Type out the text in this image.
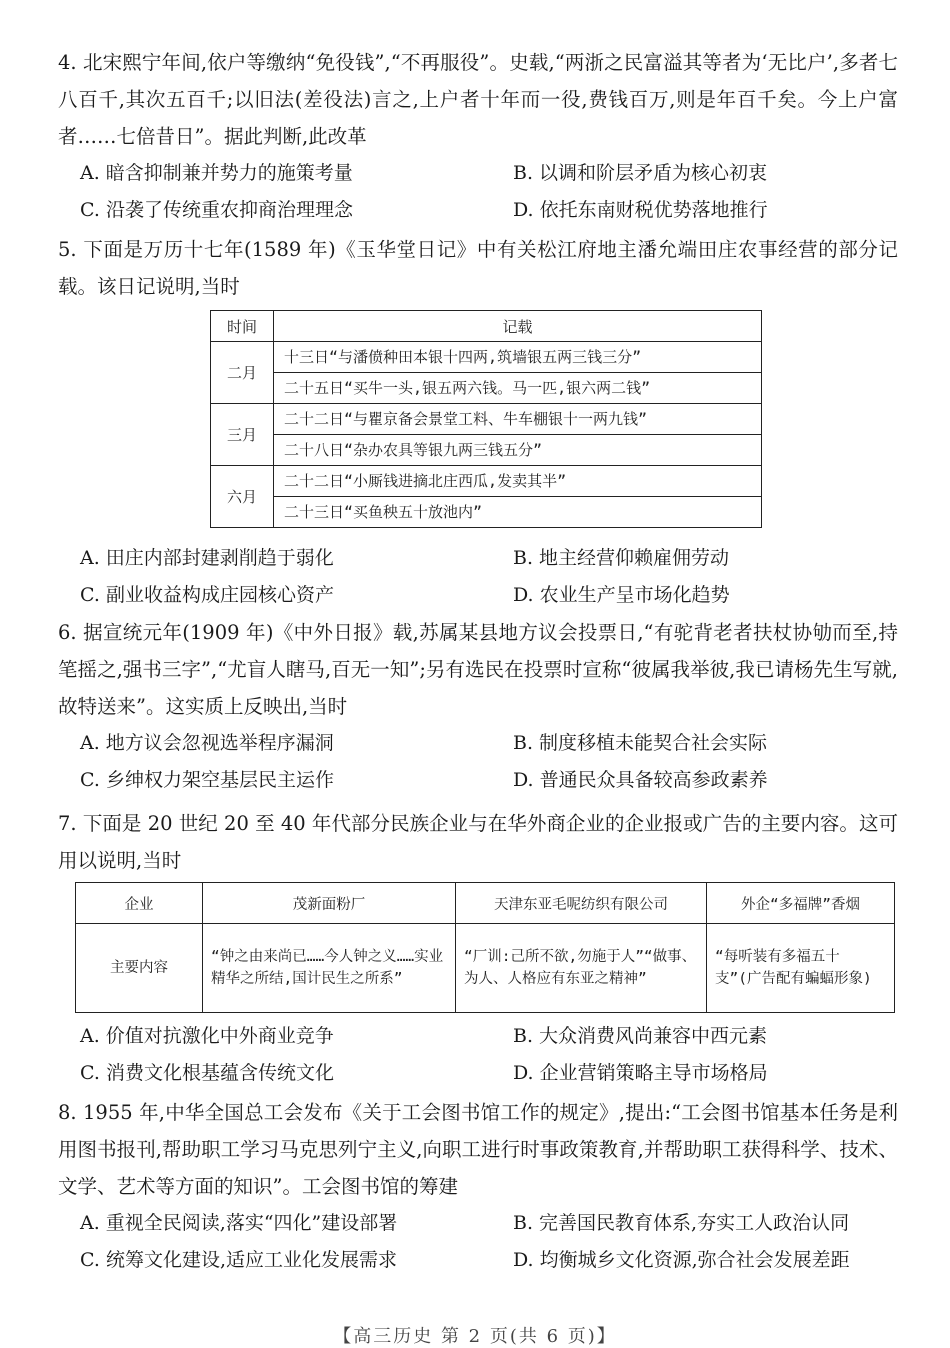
4. 北宋熙宁年间,依户等缴纳“免役钱”,“不再服役”。史载,“两浙之民富溢其等者为‘无比户’,多者七八百千,其次五百千;以旧法(差役法)言之,上户者十年而一役,费钱百万,则是年百千矣。今上户富者……七倍昔日”。据此判断,此改革

A. 暗含抑制兼并势力的施策考量	B. 以调和阶层矛盾为核心初衷
C. 沿袭了传统重农抑商治理理念	D. 依托东南财税优势落地推行

5. 下面是万历十七年(1589 年)《玉华堂日记》中有关松江府地主潘允端田庄农事经营的部分记载。该日记说明,当时

时间	记载
二月	十三日“与潘偾种田本银十四两,筑墙银五两三钱三分”
	二十五日“买牛一头,银五两六钱。马一匹,银六两二钱”
三月	二十二日“与瞿京备会景堂工料、牛车棚银十一两九钱”
	二十八日“杂办农具等银九两三钱五分”
六月	二十二日“小厮钱进摘北庄西瓜,发卖其半”
	二十三日“买鱼秧五十放池内”
A. 田庄内部封建剥削趋于弱化	B. 地主经营仰赖雇佣劳动
C. 副业收益构成庄园核心资产	D. 农业生产呈市场化趋势

6. 据宣统元年(1909 年)《中外日报》载,苏属某县地方议会投票日,“有驼背老者扶杖协劬而至,持笔摇之,强书三字”,“尤盲人瞎马,百无一知”;另有选民在投票时宣称“彼属我举彼,我已请杨先生写就,故特送来”。这实质上反映出,当时

A. 地方议会忽视选举程序漏洞	B. 制度移植未能契合社会实际
C. 乡绅权力架空基层民主运作	D. 普通民众具备较高参政素养

7. 下面是 20 世纪 20 至 40 年代部分民族企业与在华外商企业的企业报或广告的主要内容。这可用以说明,当时

企业	茂新面粉厂	天津东亚毛呢纺织有限公司	外企“多福牌”香烟
主要内容	“钟之由来尚已……今人钟之义……实业精华之所结,国计民生之所系”	“厂训:己所不欲,勿施于人”“做事、为人、人格应有东亚之精神”	“每听装有多福五十支”(广告配有蝙蝠形象)
A. 价值对抗激化中外商业竞争	B. 大众消费风尚兼容中西元素
C. 消费文化根基蕴含传统文化	D. 企业营销策略主导市场格局

8. 1955 年,中华全国总工会发布《关于工会图书馆工作的规定》,提出:“工会图书馆基本任务是利用图书报刊,帮助职工学习马克思列宁主义,向职工进行时事政策教育,并帮助职工获得科学、技术、文学、艺术等方面的知识”。工会图书馆的筹建

A. 重视全民阅读,落实“四化”建设部署	B. 完善国民教育体系,夯实工人政治认同
C. 统筹文化建设,适应工业化发展需求	D. 均衡城乡文化资源,弥合社会发展差距
【高三历史 第 2 页(共 6 页)】
